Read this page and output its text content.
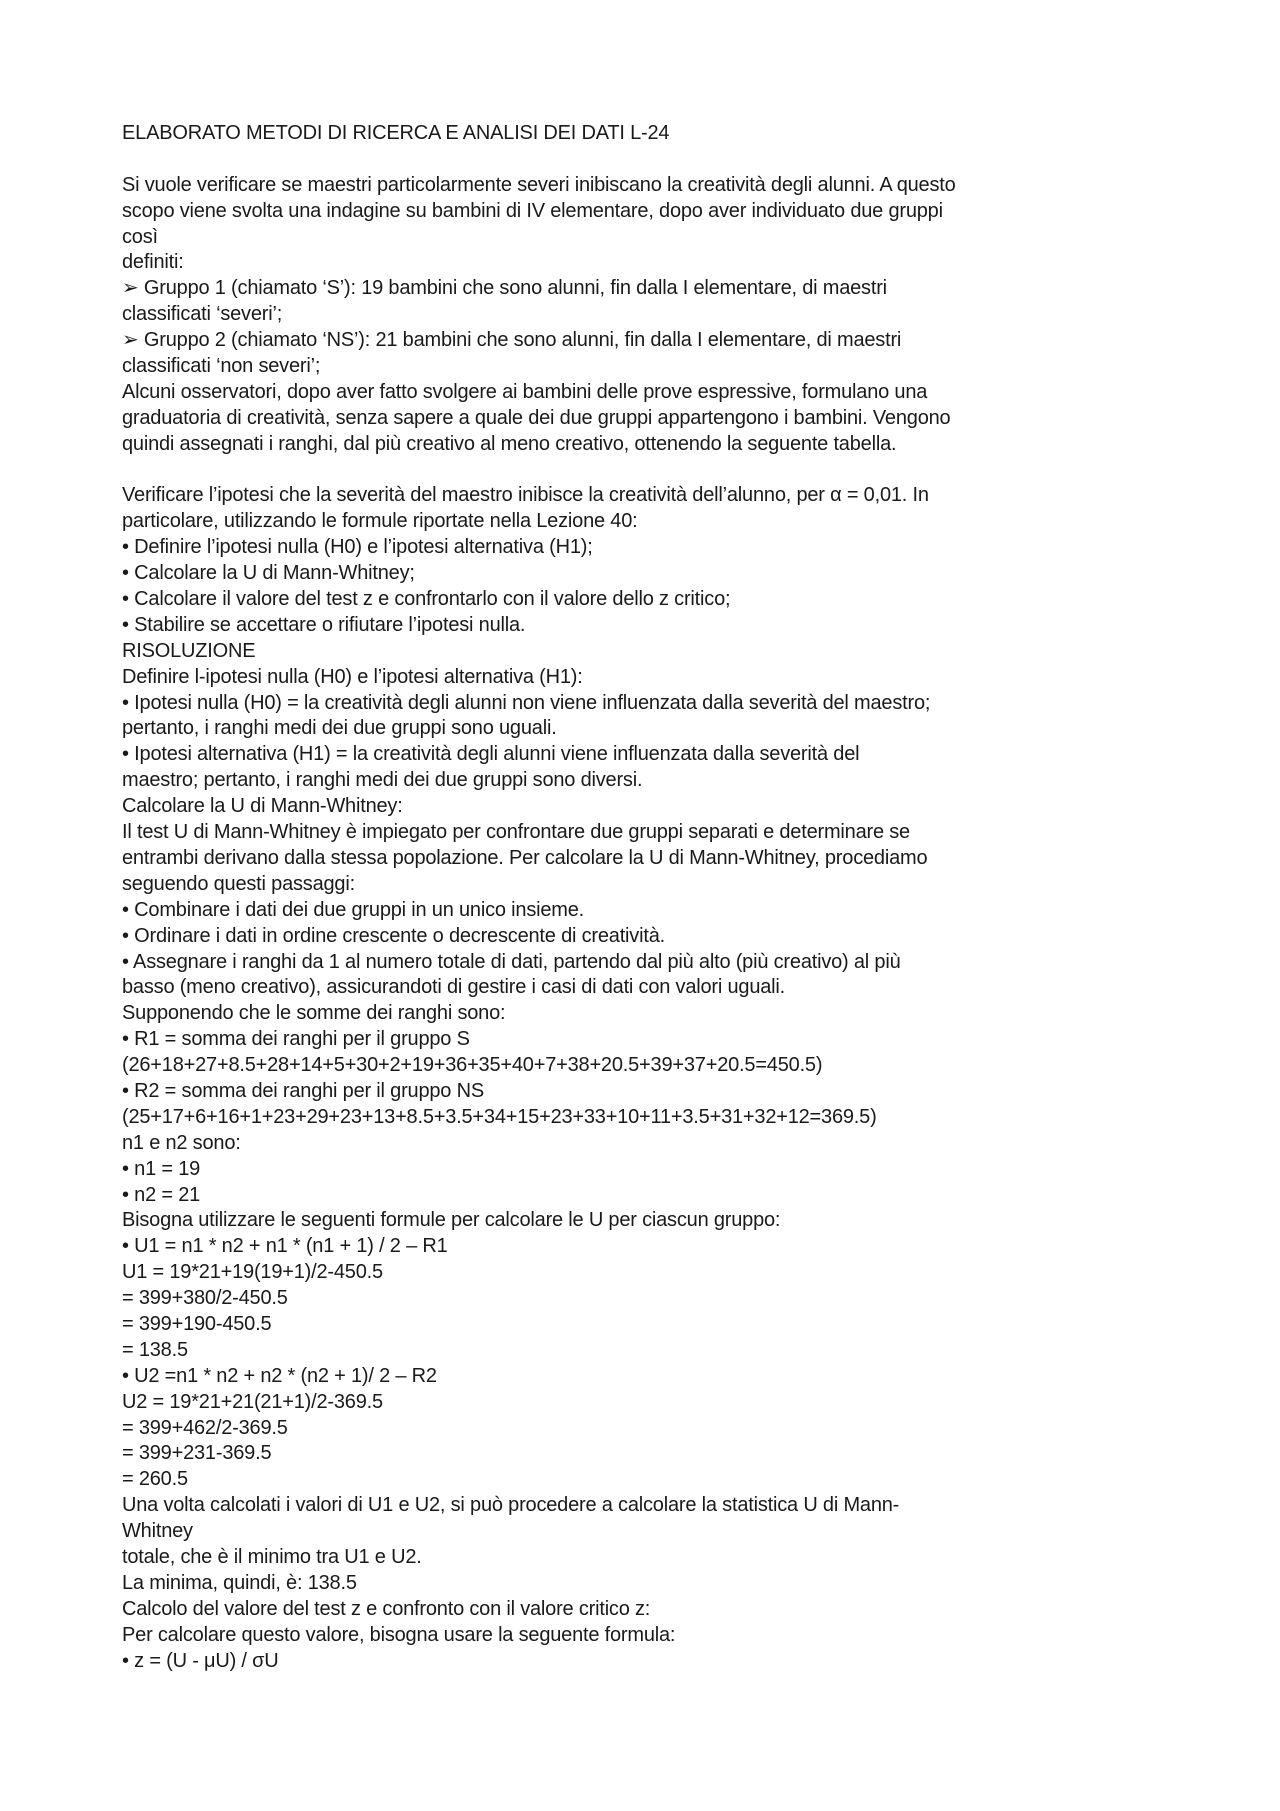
ELABORATO METODI DI RICERCA E ANALISI DEI DATI L-24
Si vuole verificare se maestri particolarmente severi inibiscano la creatività degli alunni. A questo
scopo viene svolta una indagine su bambini di IV elementare, dopo aver individuato due gruppi
così
definiti:
➢ Gruppo 1 (chiamato ‘S’): 19 bambini che sono alunni, fin dalla I elementare, di maestri
classificati ‘severi’;
➢ Gruppo 2 (chiamato ‘NS’): 21 bambini che sono alunni, fin dalla I elementare, di maestri
classificati ‘non severi’;
Alcuni osservatori, dopo aver fatto svolgere ai bambini delle prove espressive, formulano una
graduatoria di creatività, senza sapere a quale dei due gruppi appartengono i bambini. Vengono
quindi assegnati i ranghi, dal più creativo al meno creativo, ottenendo la seguente tabella.
Verificare l’ipotesi che la severità del maestro inibisce la creatività dell’alunno, per α = 0,01. In
particolare, utilizzando le formule riportate nella Lezione 40:
• Definire l’ipotesi nulla (H0) e l’ipotesi alternativa (H1);
• Calcolare la U di Mann-Whitney;
• Calcolare il valore del test z e confrontarlo con il valore dello z critico;
• Stabilire se accettare o rifiutare l’ipotesi nulla.
RISOLUZIONE
Definire l-ipotesi nulla (H0) e l’ipotesi alternativa (H1):
• Ipotesi nulla (H0) = la creatività degli alunni non viene influenzata dalla severità del maestro;
pertanto, i ranghi medi dei due gruppi sono uguali.
• Ipotesi alternativa (H1) = la creatività degli alunni viene influenzata dalla severità del
maestro; pertanto, i ranghi medi dei due gruppi sono diversi.
Calcolare la U di Mann-Whitney:
Il test U di Mann-Whitney è impiegato per confrontare due gruppi separati e determinare se
entrambi derivano dalla stessa popolazione. Per calcolare la U di Mann-Whitney, procediamo
seguendo questi passaggi:
• Combinare i dati dei due gruppi in un unico insieme.
• Ordinare i dati in ordine crescente o decrescente di creatività.
• Assegnare i ranghi da 1 al numero totale di dati, partendo dal più alto (più creativo) al più
basso (meno creativo), assicurandoti di gestire i casi di dati con valori uguali.
Supponendo che le somme dei ranghi sono:
• R1 = somma dei ranghi per il gruppo S
(26+18+27+8.5+28+14+5+30+2+19+36+35+40+7+38+20.5+39+37+20.5=450.5)
• R2 = somma dei ranghi per il gruppo NS
(25+17+6+16+1+23+29+23+13+8.5+3.5+34+15+23+33+10+11+3.5+31+32+12=369.5)
n1 e n2 sono:
• n1 = 19
• n2 = 21
Bisogna utilizzare le seguenti formule per calcolare le U per ciascun gruppo:
• U1 = n1 * n2 + n1 * (n1 + 1) / 2 – R1
U1 = 19*21+19(19+1)/2-450.5
= 399+380/2-450.5
= 399+190-450.5
= 138.5
• U2 =n1 * n2 + n2 * (n2 + 1)/ 2 – R2
U2 = 19*21+21(21+1)/2-369.5
= 399+462/2-369.5
= 399+231-369.5
= 260.5
Una volta calcolati i valori di U1 e U2, si può procedere a calcolare la statistica U di Mann-
Whitney
totale, che è il minimo tra U1 e U2.
La minima, quindi, è: 138.5
Calcolo del valore del test z e confronto con il valore critico z:
Per calcolare questo valore, bisogna usare la seguente formula:
• z = (U - μU) / σU
